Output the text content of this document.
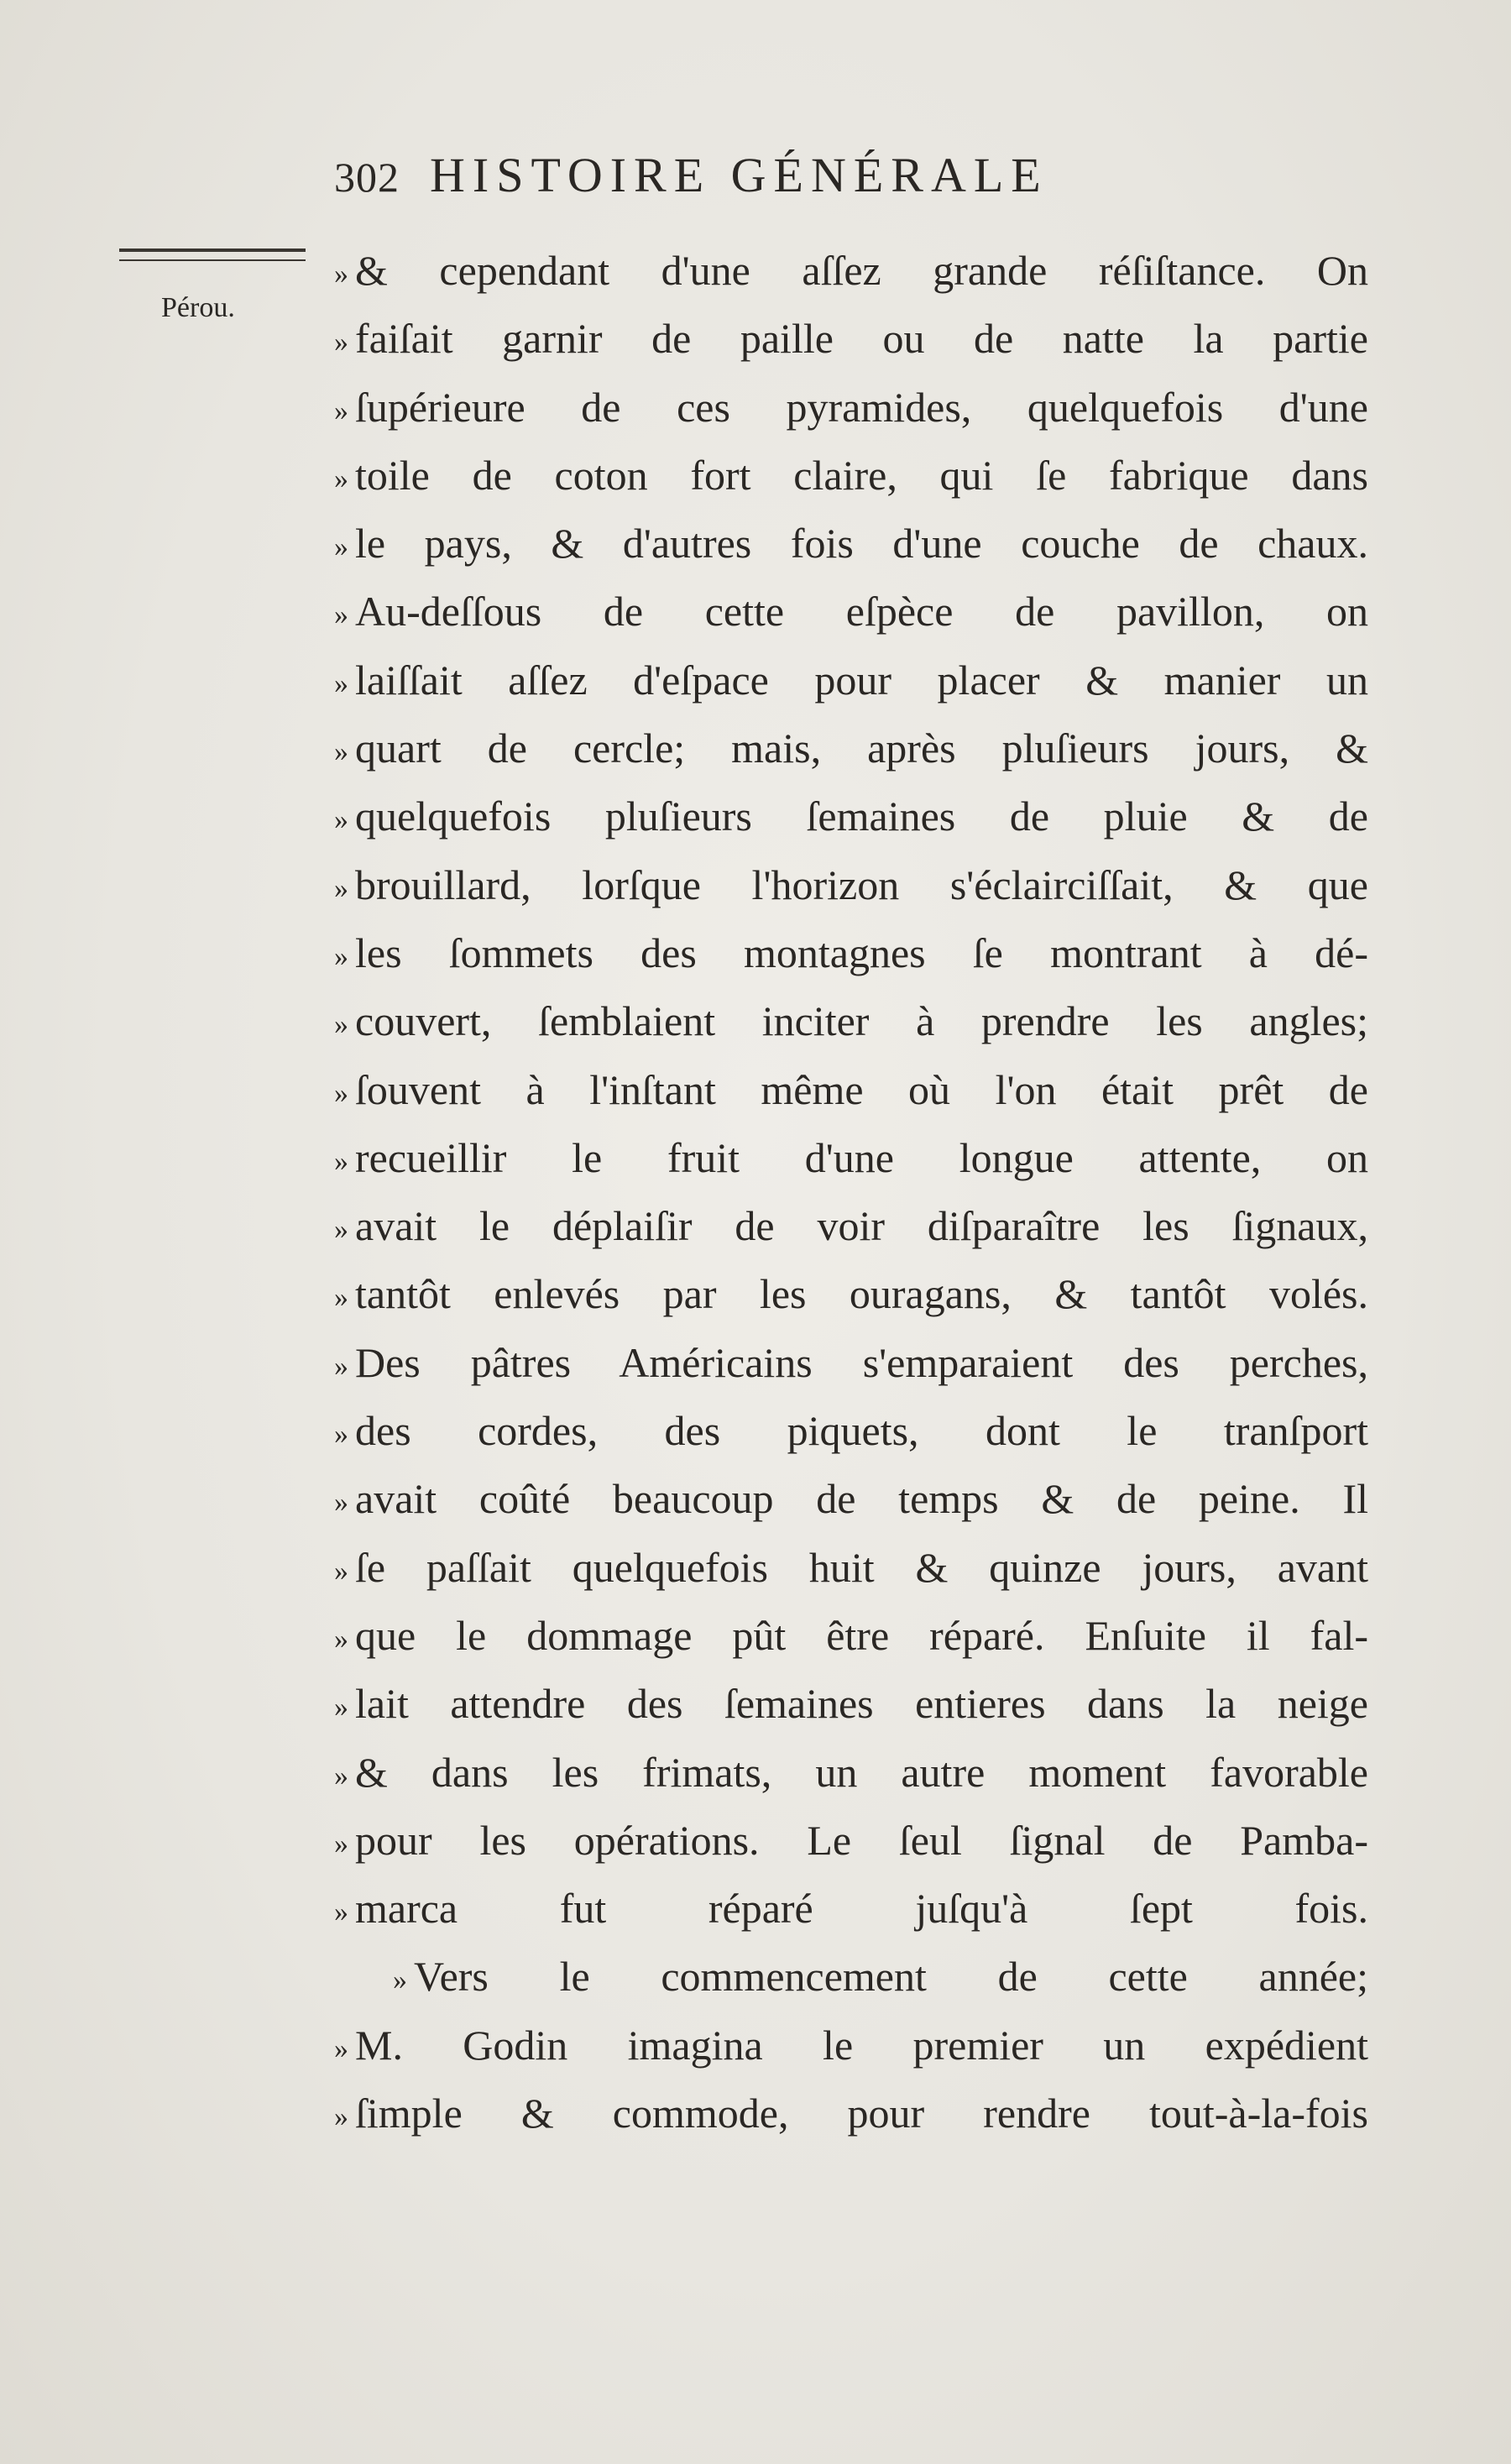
302 HISTOIRE GÉNÉRALE
Pérou.
» & cependant d'une aſſez grande réſiſtance. On
» faiſait garnir de paille ou de natte la partie
» ſupérieure de ces pyramides, quelquefois d'une
» toile de coton fort claire, qui ſe fabrique dans
» le pays, & d'autres fois d'une couche de chaux.
» Au-deſſous de cette eſpèce de pavillon, on
» laiſſait aſſez d'eſpace pour placer & manier un
» quart de cercle; mais, après pluſieurs jours, &
» quelquefois pluſieurs ſemaines de pluie & de
» brouillard, lorſque l'horizon s'éclairciſſait, & que
» les ſommets des montagnes ſe montrant à dé-
» couvert, ſemblaient inciter à prendre les angles;
» ſouvent à l'inſtant même où l'on était prêt de
» recueillir le fruit d'une longue attente, on
» avait le déplaiſir de voir diſparaître les ſignaux,
» tantôt enlevés par les ouragans, & tantôt volés.
» Des pâtres Américains s'emparaient des perches,
» des cordes, des piquets, dont le tranſport
» avait coûté beaucoup de temps & de peine. Il
» ſe paſſait quelquefois huit & quinze jours, avant
» que le dommage pût être réparé. Enſuite il fal-
» lait attendre des ſemaines entieres dans la neige
» & dans les frimats, un autre moment favorable
» pour les opérations. Le ſeul ſignal de Pamba-
» marca fut réparé juſqu'à ſept fois.
» Vers le commencement de cette année;
» M. Godin imagina le premier un expédient
» ſimple & commode, pour rendre tout-à-la-fois
